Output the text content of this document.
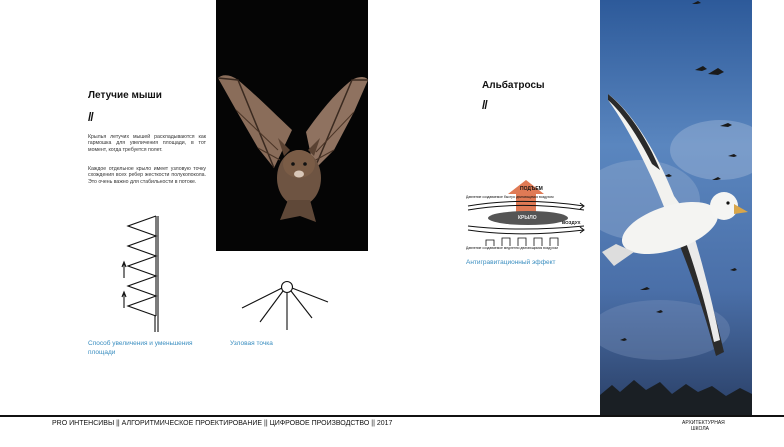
Летучие мыши
//
Крылья летучих мышей раскладываются как гармошка для увеличения площади, в тот момент, когда требуется полет.
Каждое отдельное крыло имеет узловую точку схождения всех ребер жесткости полукопокола. Это очень важно для стабильности в потоке.
Способ увеличения и уменьшения площади
Узловая точка
Альбатросы
//
ПОДЪЕМ
КРЫЛО
ВОЗДУХ
Давление создаваемое быстро двигающимся воздухом
Давление создаваемое медленно двигающимся воздухом
Антигравитационный эффект
PRO ИНТЕНСИВЫ || АЛГОРИТМИЧЕСКОЕ ПРОЕКТИРОВАНИЕ || ЦИФРОВОЕ ПРОИЗВОДСТВО || 2017	АРХИТЕКТУРНАЯ
ШКОЛА
